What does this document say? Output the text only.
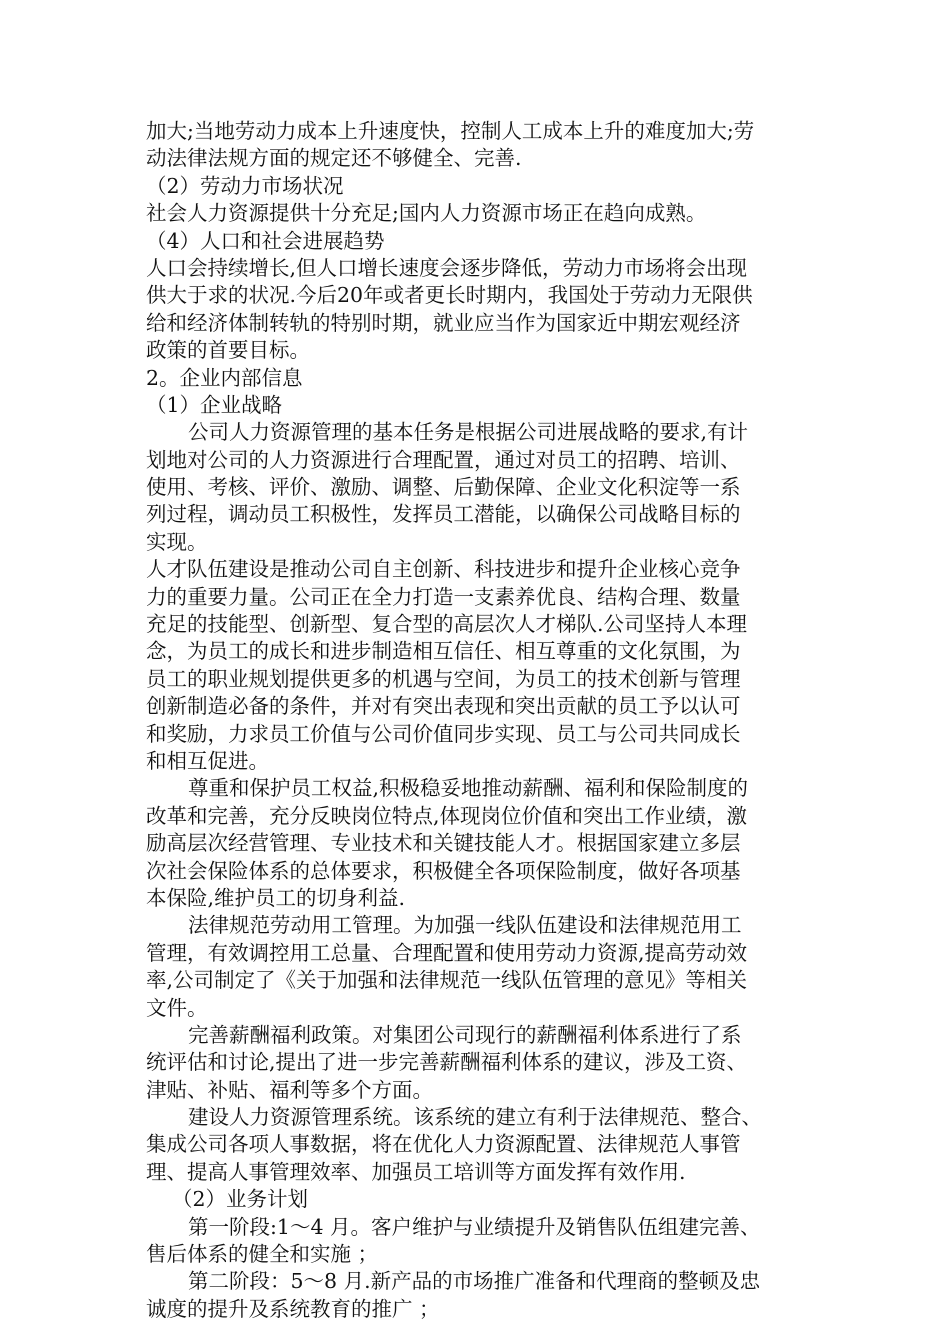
加大;当地劳动力成本上升速度快，控制人工成本上升的难度加大;劳
动法律法规方面的规定还不够健全、完善.
（2）劳动力市场状况
社会人力资源提供十分充足;国内人力资源市场正在趋向成熟。
（4）人口和社会进展趋势
人口会持续增长,但人口增长速度会逐步降低，劳动力市场将会出现
供大于求的状况.今后20年或者更长时期内，我国处于劳动力无限供
给和经济体制转轨的特别时期，就业应当作为国家近中期宏观经济
政策的首要目标。
2。企业内部信息
（1）企业战略
公司人力资源管理的基本任务是根据公司进展战略的要求,有计
划地对公司的人力资源进行合理配置，通过对员工的招聘、培训、
使用、考核、评价、激励、调整、后勤保障、企业文化积淀等一系
列过程，调动员工积极性，发挥员工潜能，以确保公司战略目标的
实现。
人才队伍建设是推动公司自主创新、科技进步和提升企业核心竞争
力的重要力量。公司正在全力打造一支素养优良、结构合理、数量
充足的技能型、创新型、复合型的高层次人才梯队.公司坚持人本理
念，为员工的成长和进步制造相互信任、相互尊重的文化氛围，为
员工的职业规划提供更多的机遇与空间，为员工的技术创新与管理
创新制造必备的条件，并对有突出表现和突出贡献的员工予以认可
和奖励，力求员工价值与公司价值同步实现、员工与公司共同成长
和相互促进。
尊重和保护员工权益,积极稳妥地推动薪酬、福利和保险制度的
改革和完善，充分反映岗位特点,体现岗位价值和突出工作业绩，激
励高层次经营管理、专业技术和关键技能人才。根据国家建立多层
次社会保险体系的总体要求，积极健全各项保险制度，做好各项基
本保险,维护员工的切身利益.
法律规范劳动用工管理。为加强一线队伍建设和法律规范用工
管理，有效调控用工总量、合理配置和使用劳动力资源,提高劳动效
率,公司制定了《关于加强和法律规范一线队伍管理的意见》等相关
文件。
完善薪酬福利政策。对集团公司现行的薪酬福利体系进行了系
统评估和讨论,提出了进一步完善薪酬福利体系的建议，涉及工资、
津贴、补贴、福利等多个方面。
建设人力资源管理系统。该系统的建立有利于法律规范、整合、
集成公司各项人事数据，将在优化人力资源配置、法律规范人事管
理、提高人事管理效率、加强员工培训等方面发挥有效作用.
（2）业务计划
第一阶段:1～4 月。客户维护与业绩提升及销售队伍组建完善、
售后体系的健全和实施 ；
第二阶段：5～8 月.新产品的市场推广准备和代理商的整顿及忠
诚度的提升及系统教育的推广 ；
